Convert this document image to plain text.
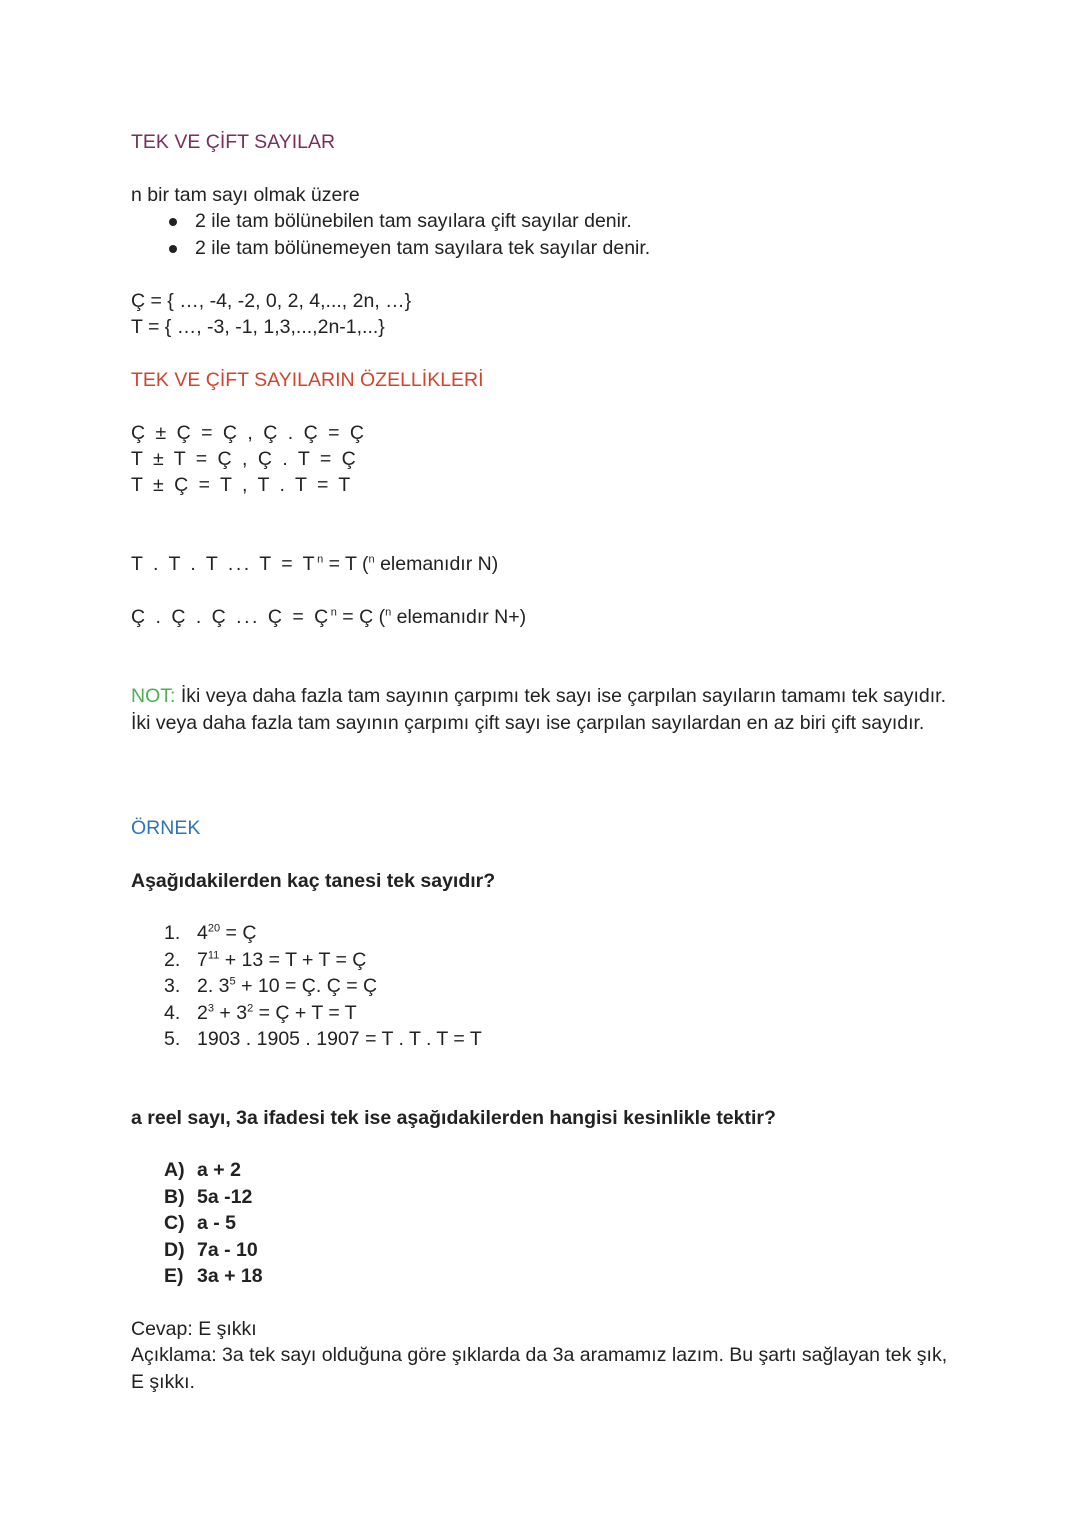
TEK VE ÇİFT SAYILAR
n bir tam sayı olmak üzere
2 ile tam bölünebilen tam sayılara çift sayılar denir.
2 ile tam bölünemeyen tam sayılara tek sayılar denir.
Ç = { …, -4, -2, 0, 2, 4,..., 2n, …}
T = { …, -3, -1, 1,3,...,2n-1,...}
TEK VE ÇİFT SAYILARIN ÖZELLİKLERİ
Ç ± Ç = Ç , Ç . Ç = Ç
T ± T = Ç , Ç . T = Ç
T ± Ç = T , T . T = T
T . T . T ... $T = T^n = T$ ($^n$ elemanıdır N)
Ç . Ç . Ç ... Ç = $Ç^n$ = Ç ($^n$ elemanıdır N+)
NOT: İki veya daha fazla tam sayının çarpımı tek sayı ise çarpılan sayıların tamamı tek sayıdır. İki veya daha fazla tam sayının çarpımı çift sayı ise çarpılan sayılardan en az biri çift sayıdır.
ÖRNEK
Aşağıdakilerden kaç tanesi tek sayıdır?
1. $4^{20}$ = Ç
2. $7^{11} + 13 = T + T$ = Ç
3. 2. $3^5 + 10$ = Ç. Ç = Ç
4. $2^3 + 3^2$ = Ç + T = T
5. 1903 . 1905 . 1907 = T . T . T = T
a reel sayı, 3a ifadesi tek ise aşağıdakilerden hangisi kesinlikle tektir?
A) a + 2
B) 5a -12
C) a - 5
D) 7a - 10
E) 3a + 18
Cevap: E şıkkı
Açıklama: 3a tek sayı olduğuna göre şıklarda da 3a aramamız lazım. Bu şartı sağlayan tek şık, E şıkkı.
